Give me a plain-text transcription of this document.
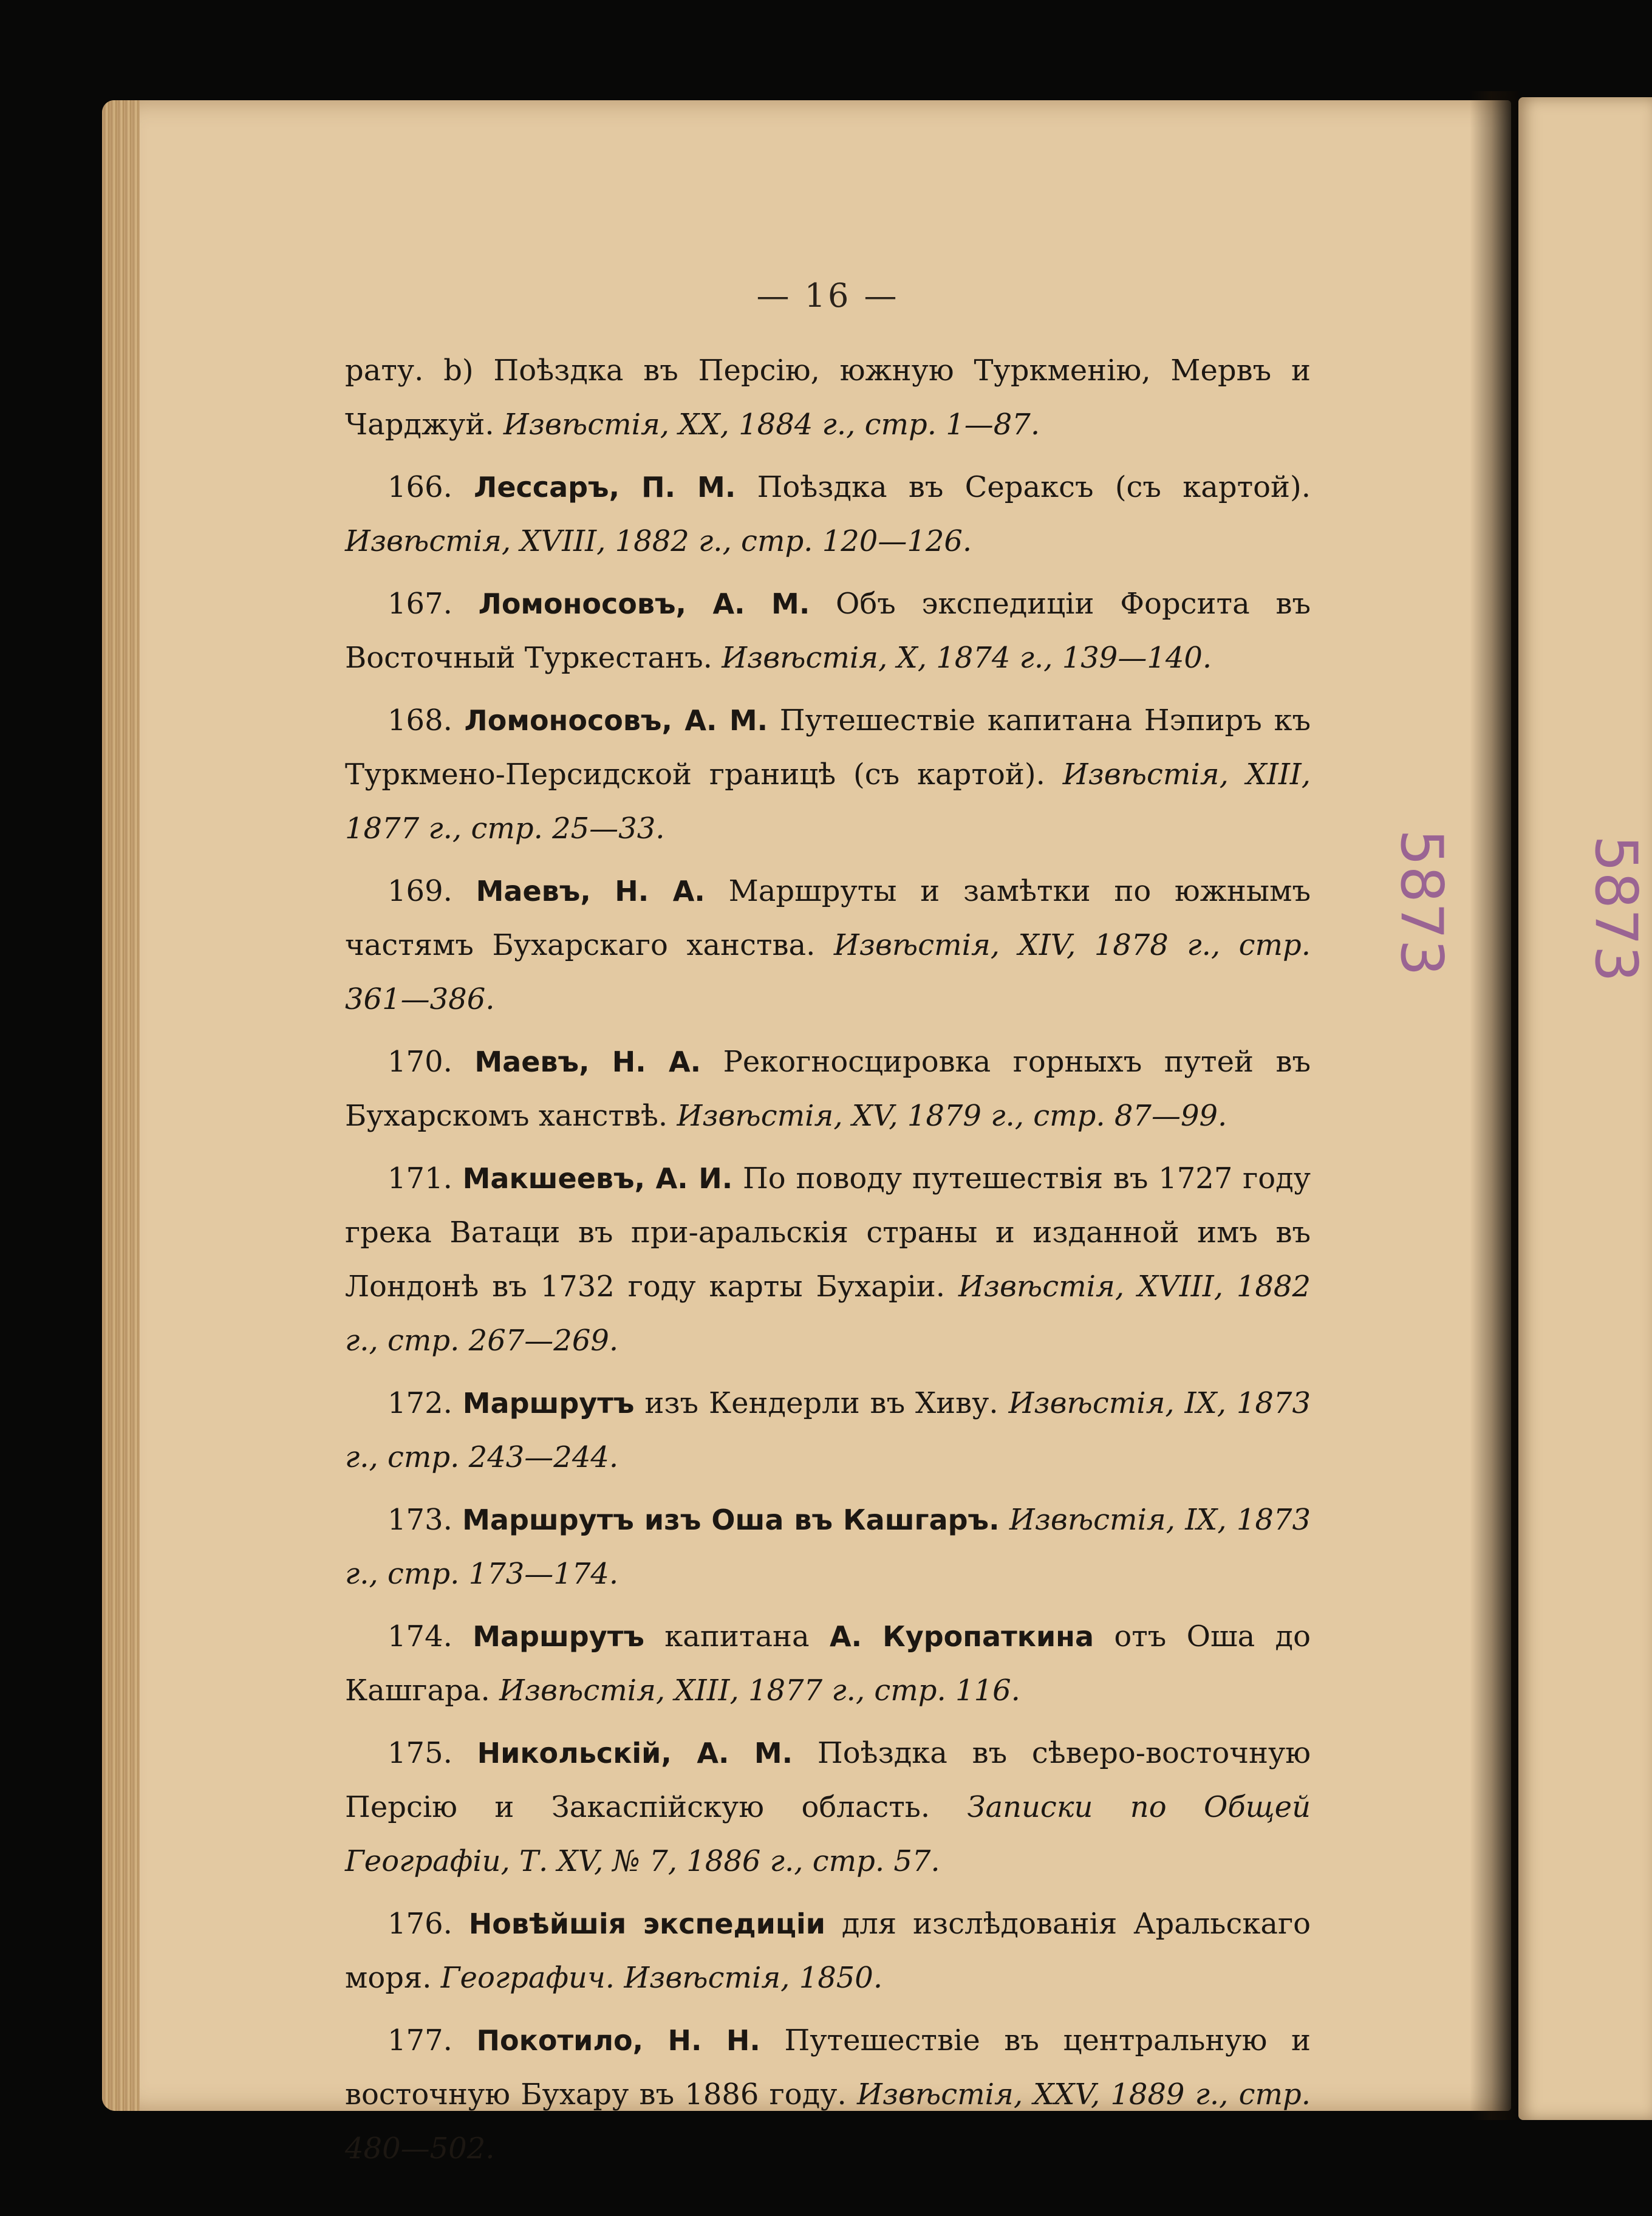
5873 5873
— 16 —

рату. b) Поѣздка въ Персію, южную Туркменію, Мервъ и Чарджуй. Извѣстія, XX, 1884 г., стр. 1—87.

166. Лессаръ, П. М. Поѣздка въ Сераксъ (съ картой). Извѣстія, XVIII, 1882 г., стр. 120—126.

167. Ломоносовъ, А. М. Объ экспедиціи Форсита въ Восточный Туркестанъ. Извѣстія, X, 1874 г., 139—140.

168. Ломоносовъ, А. М. Путешествіе капитана Нэпиръ къ Туркмено-Персидской границѣ (съ картой). Извѣстія, XIII, 1877 г., стр. 25—33.

169. Маевъ, Н. А. Маршруты и замѣтки по южнымъ частямъ Бухарскаго ханства. Извѣстія, XIV, 1878 г., стр. 361—386.

170. Маевъ, Н. А. Рекогносцировка горныхъ путей въ Бухарскомъ ханствѣ. Извѣстія, XV, 1879 г., стр. 87—99.

171. Макшеевъ, А. И. По поводу путешествія въ 1727 году грека Ватаци въ при-аральскія страны и изданной имъ въ Лондонѣ въ 1732 году карты Бухаріи. Извѣстія, XVIII, 1882 г., стр. 267—269.

172. Маршрутъ изъ Кендерли въ Хиву. Извѣстія, IX, 1873 г., стр. 243—244.

173. Маршрутъ изъ Оша въ Кашгаръ. Извѣстія, IX, 1873 г., стр. 173—174.

174. Маршрутъ капитана А. Куропаткина отъ Оша до Кашгара. Извѣстія, XIII, 1877 г., стр. 116.

175. Никольскій, А. М. Поѣздка въ сѣверо-восточную Персію и Закаспійскую область. Записки по Общей Географіи, Т. XV, № 7, 1886 г., стр. 57.

176. Новѣйшія экспедиціи для изслѣдованія Аральскаго моря. Географич. Извѣстія, 1850.

177. Покотило, Н. Н. Путешествіе въ центральную и восточную Бухару въ 1886 году. Извѣстія, XXV, 1889 г., стр. 480—502.
